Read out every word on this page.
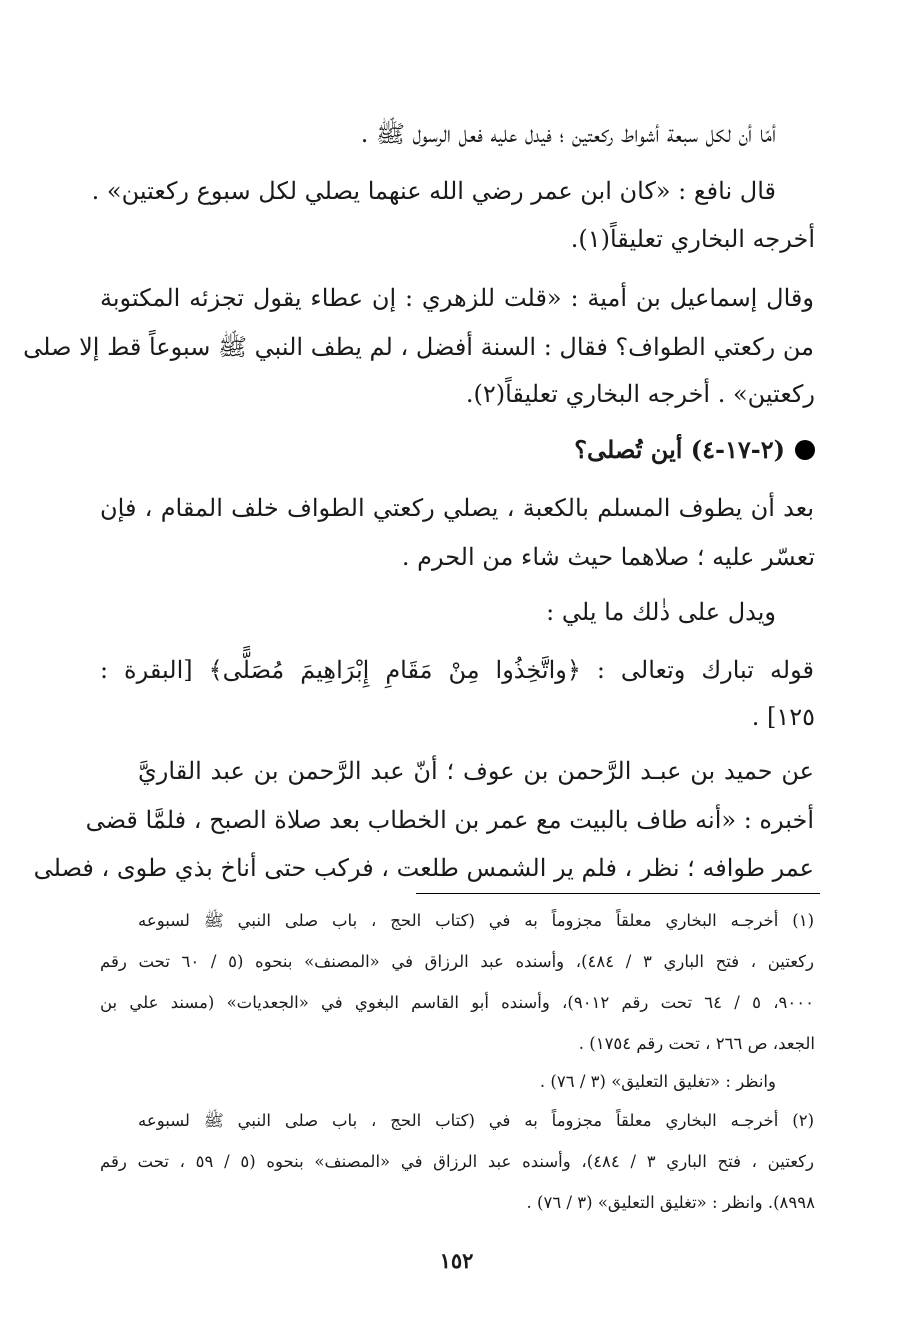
أمّا أن لكل سبعة أشواط ركعتين ؛ فيدل عليه فعل الرسول ﷺ .
قال نافع : «كان ابن عمر رضي الله عنهما يصلي لكل سبوع ركعتين» .
أخرجه البخاري تعليقاً(١).
وقال إسماعيل بن أمية : «قلت للزهري : إن عطاء يقول تجزئه المكتوبة
من ركعتي الطواف؟ فقال : السنة أفضل ، لم يطف النبي ﷺ سبوعاً قط إلا صلى
ركعتين» . أخرجه البخاري تعليقاً(٢).
(٢-١٧-٤) أين تُصلى؟
بعد أن يطوف المسلم بالكعبة ، يصلي ركعتي الطواف خلف المقام ، فإن
تعسّر عليه ؛ صلاهما حيث شاء من الحرم .
ويدل على ذٰلك ما يلي :
قوله تبارك وتعالى : ﴿واتَّخِذُوا مِنْ مَقَامِ إِبْرَاهِيمَ مُصَلًّى﴾ [البقرة :
١٢٥] .
عن حميد بن عبـد الرَّحمن بن عوف ؛ أنّ عبد الرَّحمن بن عبد القاريَّ
أخبره : «أنه طاف بالبيت مع عمر بن الخطاب بعد صلاة الصبح ، فلمَّا قضى
عمر طوافه ؛ نظر ، فلم ير الشمس طلعت ، فركب حتى أناخ بذي طوى ، فصلى
(١) أخرجـه البخاري معلقاً مجزوماً به في (كتاب الحج ، باب صلى النبي ﷺ لسبوعه
ركعتين ، فتح الباري ٣ / ٤٨٤)، وأسنده عبد الرزاق في «المصنف» بنحوه (٥ / ٦٠ تحت رقم
٩٠٠٠، ٥ / ٦٤ تحت رقم ٩٠١٢)، وأسنده أبو القاسم البغوي في «الجعديات» (مسند علي بن
الجعد، ص ٢٦٦ ، تحت رقم ١٧٥٤) .
وانظر : «تغليق التعليق» (٣ / ٧٦) .
(٢) أخرجـه البخاري معلقاً مجزوماً به في (كتاب الحج ، باب صلى النبي ﷺ لسبوعه
ركعتين ، فتح الباري ٣ / ٤٨٤)، وأسنده عبد الرزاق في «المصنف» بنحوه (٥ / ٥٩ ، تحت رقم
٨٩٩٨). وانظر : «تغليق التعليق» (٣ / ٧٦) .
١٥٢
